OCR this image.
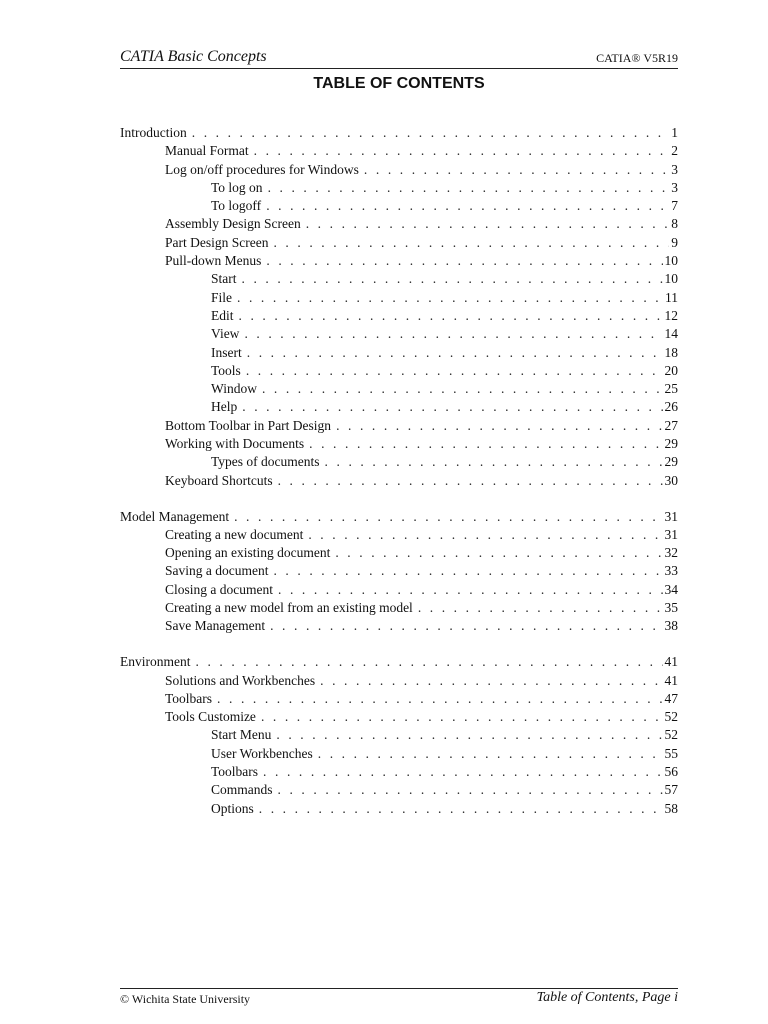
CATIA Basic Concepts	CATIA® V5R19
TABLE OF CONTENTS
Introduction . . .	1
Manual Format . . .	2
Log on/off procedures for Windows . . .	3
To log on . . .	3
To logoff . . .	7
Assembly Design Screen . . .	8
Part Design Screen . . .	9
Pull-down Menus . . .	10
Start . . .	10
File . . .	11
Edit . . .	12
View . . .	14
Insert . . .	18
Tools . . .	20
Window . . .	25
Help . . .	26
Bottom Toolbar in Part Design . . .	27
Working with Documents . . .	29
Types of documents . . .	29
Keyboard Shortcuts . . .	30
Model Management . . .	31
Creating a new document . . .	31
Opening an existing document . . .	32
Saving a document . . .	33
Closing a document . . .	34
Creating a new model from an existing model . . .	35
Save Management . . .	38
Environment . . .	41
Solutions and Workbenches . . .	41
Toolbars . . .	47
Tools Customize . . .	52
Start Menu . . .	52
User Workbenches . . .	55
Toolbars . . .	56
Commands . . .	57
Options . . .	58
© Wichita State University	Table of Contents, Page i
